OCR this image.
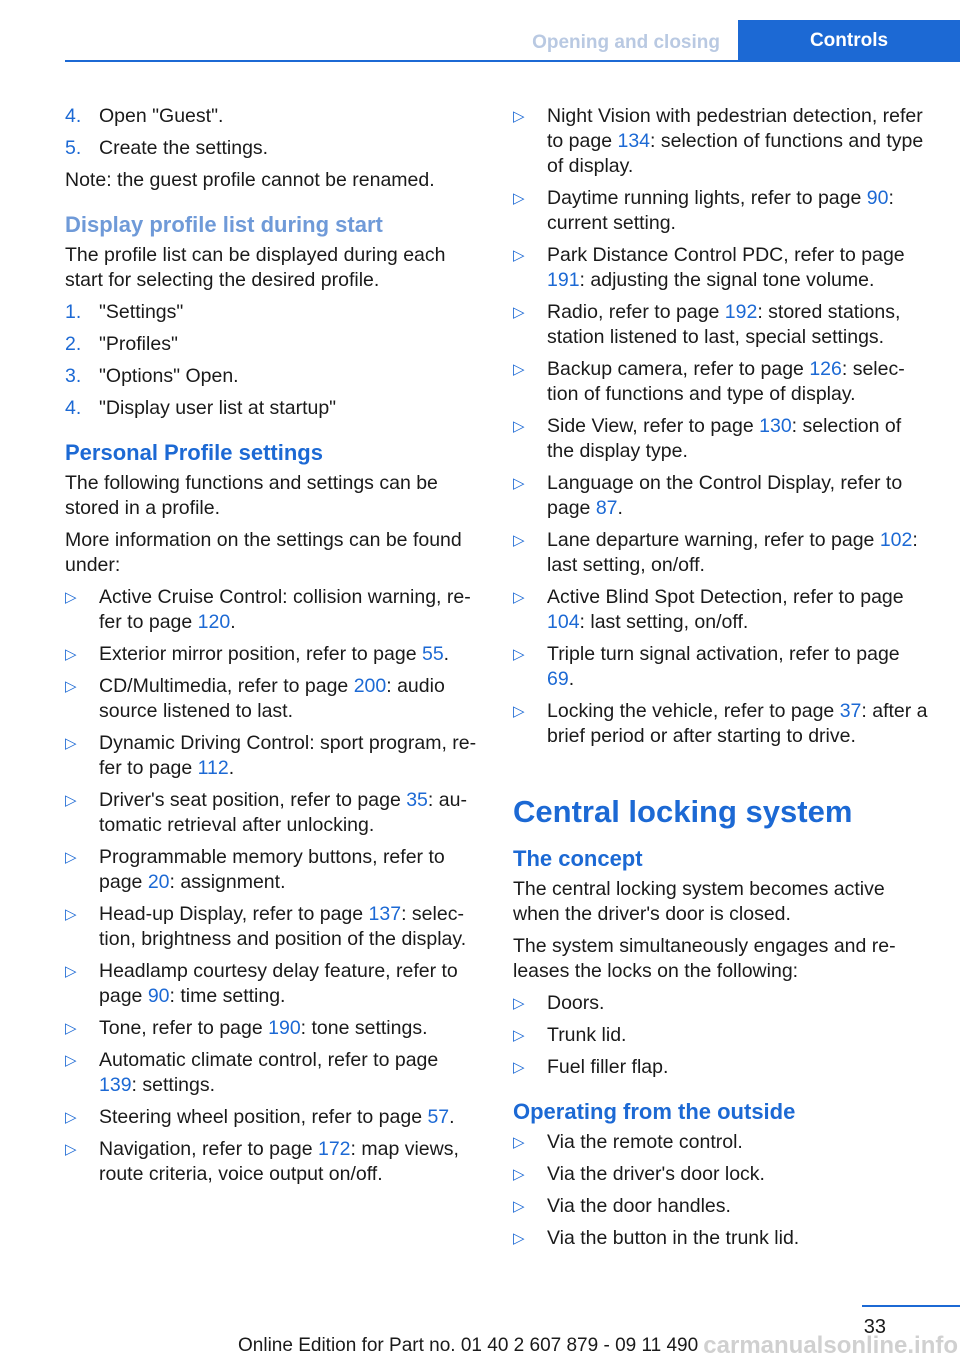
Opening and closing	Controls
4. Open "Guest".
5. Create the settings.

Note: the guest profile cannot be renamed.

Display profile list during start

The profile list can be displayed during each start for selecting the desired profile.

1. "Settings"
2. "Profiles"
3. "Options" Open.
4. "Display user list at startup"
Personal Profile settings

The following functions and settings can be stored in a profile.

More information on the settings can be found under:

▷ Active Cruise Control: collision warning, refer to page 120.
▷ Exterior mirror position, refer to page 55.
▷ CD/Multimedia, refer to page 200: audio source listened to last.
▷ Dynamic Driving Control: sport program, refer to page 112.
▷ Driver's seat position, refer to page 35: automatic retrieval after unlocking.
▷ Programmable memory buttons, refer to page 20: assignment.
▷ Head-up Display, refer to page 137: selection, brightness and position of the display.
▷ Headlamp courtesy delay feature, refer to page 90: time setting.
▷ Tone, refer to page 190: tone settings.
▷ Automatic climate control, refer to page 139: settings.
▷ Steering wheel position, refer to page 57.
▷ Navigation, refer to page 172: map views, route criteria, voice output on/off.
▷ Night Vision with pedestrian detection, refer to page 134: selection of functions and type of display.
▷ Daytime running lights, refer to page 90: current setting.
▷ Park Distance Control PDC, refer to page 191: adjusting the signal tone volume.
▷ Radio, refer to page 192: stored stations, station listened to last, special settings.
▷ Backup camera, refer to page 126: selection of functions and type of display.
▷ Side View, refer to page 130: selection of the display type.
▷ Language on the Control Display, refer to page 87.
▷ Lane departure warning, refer to page 102: last setting, on/off.
▷ Active Blind Spot Detection, refer to page 104: last setting, on/off.
▷ Triple turn signal activation, refer to page 69.
▷ Locking the vehicle, refer to page 37: after a brief period or after starting to drive.
Central locking system
The concept

The central locking system becomes active when the driver's door is closed.

The system simultaneously engages and releases the locks on the following:

▷ Doors.
▷ Trunk lid.
▷ Fuel filler flap.
Operating from the outside
▷ Via the remote control.
▷ Via the driver's door lock.
▷ Via the door handles.
▷ Via the button in the trunk lid.
33
Online Edition for Part no. 01 40 2 607 879 - 09 11 490 carmanualsonline.info
